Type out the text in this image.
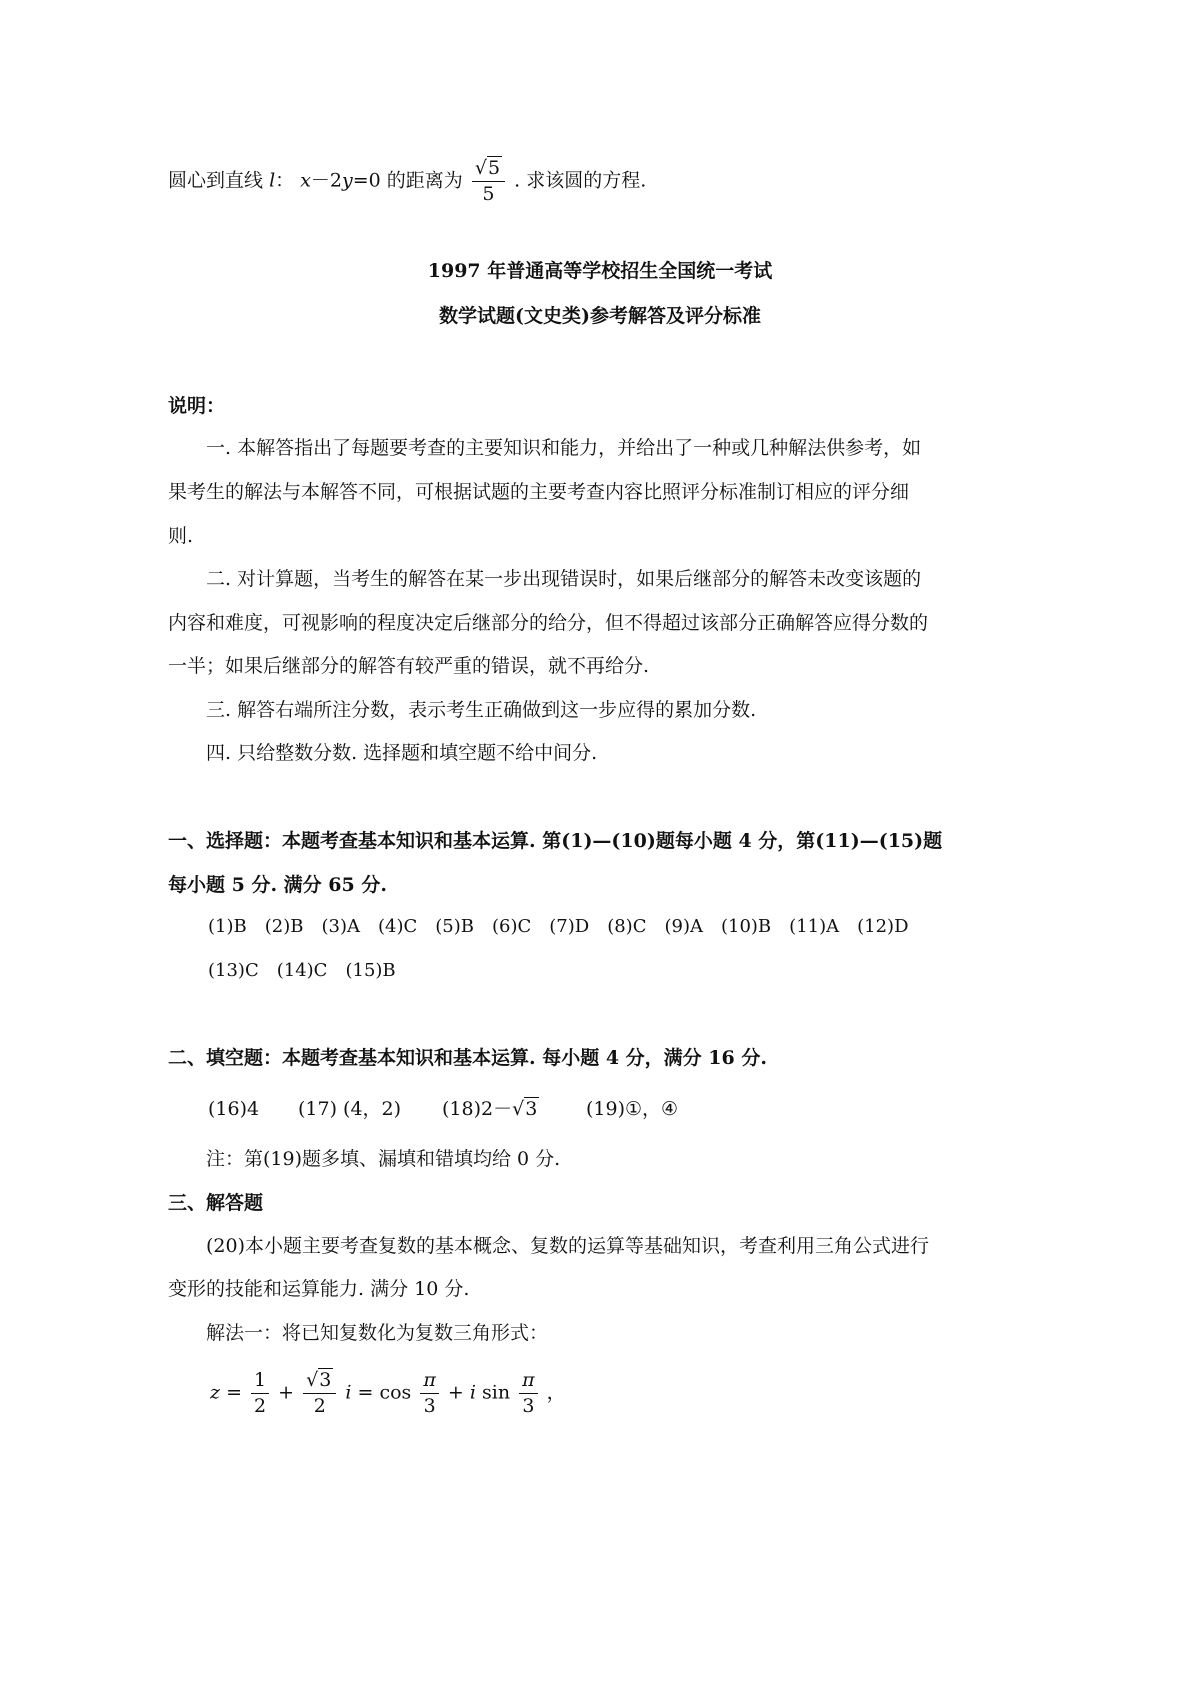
圆心到直线 l： x－2y=0 的距离为 $\frac{√5}{5}$ . 求该圆的方程.
1997 年普通高等学校招生全国统一考试
数学试题(文史类)参考解答及评分标准
说明：
一. 本解答指出了每题要考查的主要知识和能力，并给出了一种或几种解法供参考，如
果考生的解法与本解答不同，可根据试题的主要考查内容比照评分标准制订相应的评分细
则.
二. 对计算题，当考生的解答在某一步出现错误时，如果后继部分的解答未改变该题的
内容和难度，可视影响的程度决定后继部分的给分，但不得超过该部分正确解答应得分数的
一半；如果后继部分的解答有较严重的错误，就不再给分.
三. 解答右端所注分数，表示考生正确做到这一步应得的累加分数.
四. 只给整数分数. 选择题和填空题不给中间分.
一、选择题：本题考查基本知识和基本运算. 第(1)—(10)题每小题 4 分，第(11)—(15)题
每小题 5 分. 满分 65 分.
(1)B (2)B (3)A (4)C (5)B (6)C (7)D (8)C (9)A (10)B (11)A (12)D
(13)C (14)C (15)B
二、填空题：本题考查基本知识和基本运算. 每小题 4 分，满分 16 分.
(16)4 (17) (4，2) (18)2－√3	(19)①，④
注：第(19)题多填、漏填和错填均给 0 分.
三、解答题
(20)本小题主要考查复数的基本概念、复数的运算等基础知识，考查利用三角公式进行
变形的技能和运算能力. 满分 10 分.
解法一：将已知复数化为复数三角形式：
$z = \frac{1}{2} + \frac{√3}{2}$ $i = \cos \frac{\pi}{3} + i$ $\sin \frac{\pi}{3}$ ，
